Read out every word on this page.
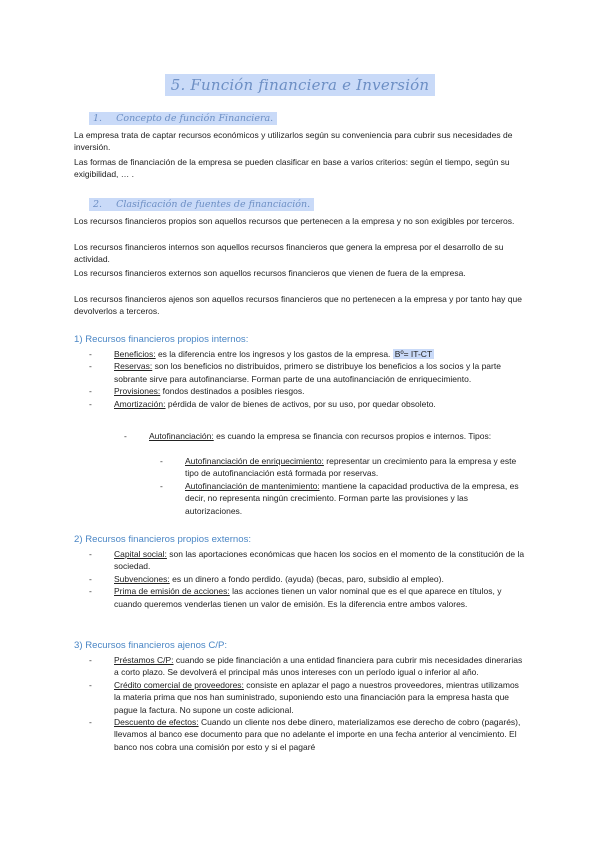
5. Función financiera e Inversión
1. Concepto de función Financiera.

La empresa trata de captar recursos económicos y utilizarlos según su conveniencia para cubrir sus necesidades de inversión.

Las formas de financiación de la empresa se pueden clasificar en base a varios criterios: según el tiempo, según su exigibilidad, … .

2. Clasificación de fuentes de financiación.

Los recursos financieros propios son aquellos recursos que pertenecen a la empresa y no son exigibles por terceros.

Los recursos financieros internos son aquellos recursos financieros que genera la empresa por el desarrollo de su actividad.

Los recursos financieros externos son aquellos recursos financieros que vienen de fuera de la empresa.

Los recursos financieros ajenos son aquellos recursos financieros que no pertenecen a la empresa y por tanto hay que devolverlos a terceros.

1) Recursos financieros propios internos:

- Beneficios: es la diferencia entre los ingresos y los gastos de la empresa. Bº= IT-CT
- Reservas: son los beneficios no distribuidos, primero se distribuye los beneficios a los socios y la parte sobrante sirve para autofinanciarse. Forman parte de una autofinanciación de enriquecimiento.
- Provisiones: fondos destinados a posibles riesgos.
- Amortización: pérdida de valor de bienes de activos, por su uso, por quedar obsoleto.
- Autofinanciación: es cuando la empresa se financia con recursos propios e internos. Tipos:
- Autofinanciación de enriquecimiento: representar un crecimiento para la empresa y este tipo de autofinanciación está formada por reservas.
- Autofinanciación de mantenimiento: mantiene la capacidad productiva de la empresa, es decir, no representa ningún crecimiento. Forman parte las provisiones y las autorizaciones.

2) Recursos financieros propios externos:

- Capital social: son las aportaciones económicas que hacen los socios en el momento de la constitución de la sociedad.
- Subvenciones: es un dinero a fondo perdido. (ayuda) (becas, paro, subsidio al empleo).
- Prima de emisión de acciones: las acciones tienen un valor nominal que es el que aparece en títulos, y cuando queremos venderlas tienen un valor de emisión. Es la diferencia entre ambos valores.

3) Recursos financieros ajenos C/P:

- Préstamos C/P: cuando se pide financiación a una entidad financiera para cubrir mis necesidades dinerarias a corto plazo. Se devolverá el principal más unos intereses con un período igual o inferior al año.
- Crédito comercial de proveedores: consiste en aplazar el pago a nuestros proveedores, mientras utilizamos la materia prima que nos han suministrado, suponiendo esto una financiación para la empresa hasta que pague la factura. No supone un coste adicional.
- Descuento de efectos: Cuando un cliente nos debe dinero, materializamos ese derecho de cobro (pagarés), llevamos al banco ese documento para que no adelante el importe en una fecha anterior al vencimiento. El banco nos cobra una comisión por esto y si el pagaré
